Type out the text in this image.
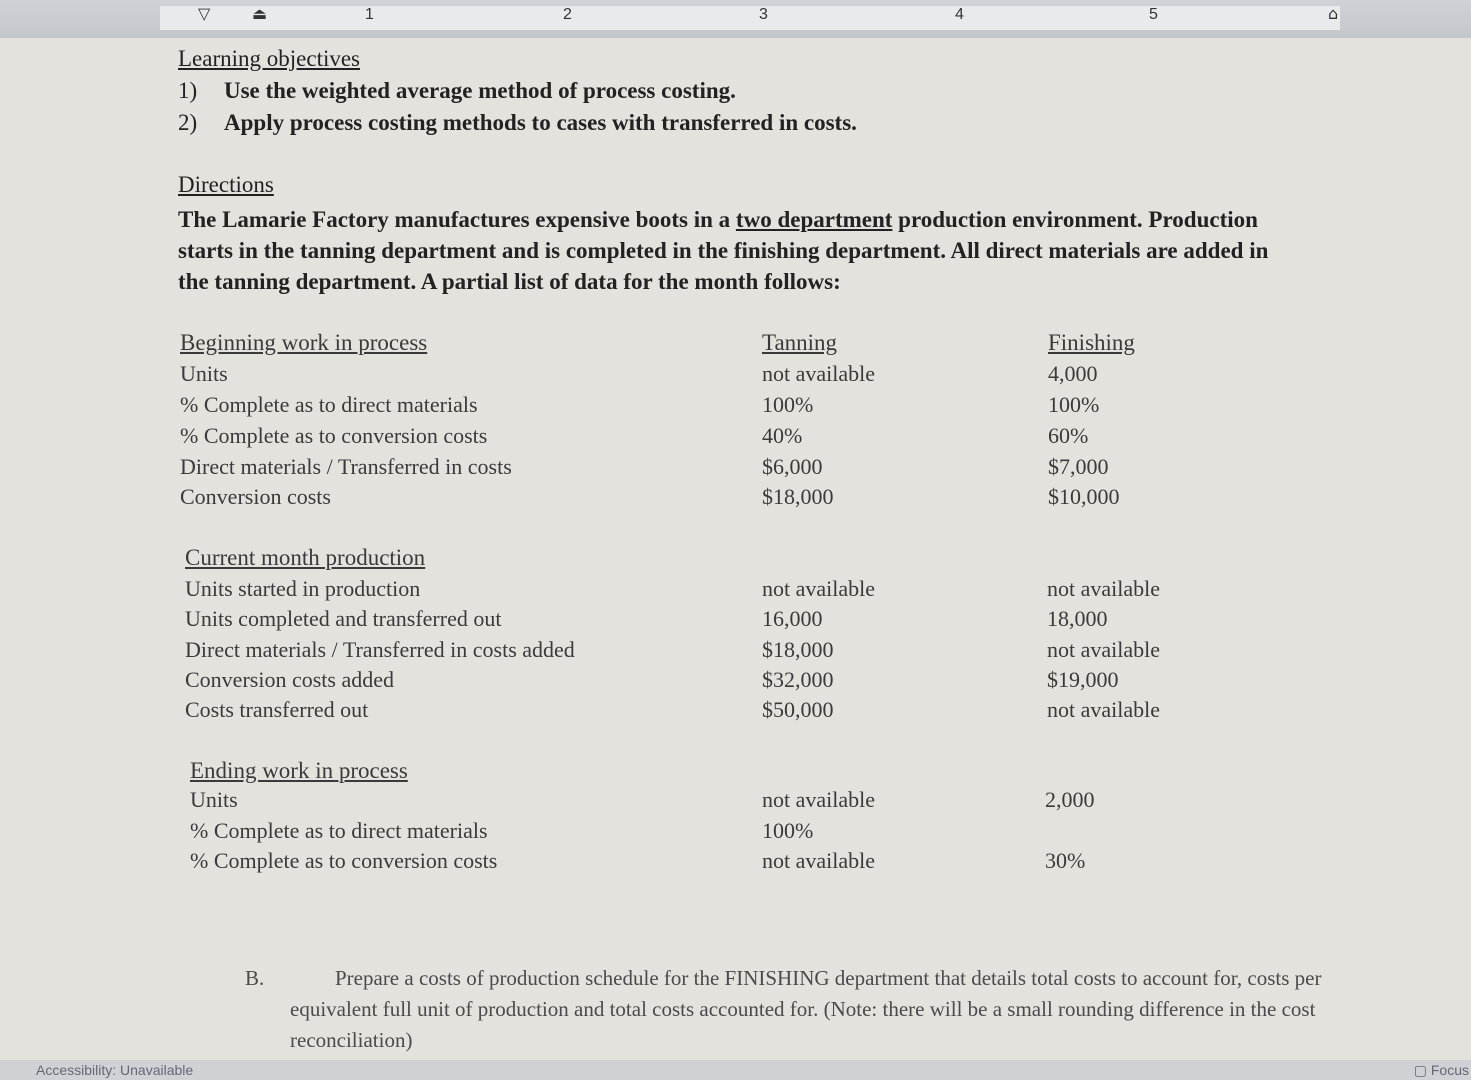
▽	⏏	1	2	3	4	5	⌂
Learning objectives
1) Use the weighted average method of process costing.
2) Apply process costing methods to cases with transferred in costs.
Directions
The Lamarie Factory manufactures expensive boots in a two department production environment. Production starts in the tanning department and is completed in the finishing department. All direct materials are added in the tanning department. A partial list of data for the month follows:
Beginning work in process	Tanning	Finishing
Units	not available	4,000
% Complete as to direct materials	100%	100%
% Complete as to conversion costs	40%	60%
Direct materials / Transferred in costs	$6,000	$7,000
Conversion costs	$18,000	$10,000
Current month production
Units started in production	not available	not available
Units completed and transferred out	16,000	18,000
Direct materials / Transferred in costs added	$18,000	not available
Conversion costs added	$32,000	$19,000
Costs transferred out	$50,000	not available
Ending work in process
Units	not available	2,000
% Complete as to direct materials	100%
% Complete as to conversion costs	not available	30%
B.	Prepare a costs of production schedule for the FINISHING department that details total costs to account for, costs per equivalent full unit of production and total costs accounted for. (Note: there will be a small rounding difference in the cost reconciliation)
Accessibility: Unavailable	▢ Focus
